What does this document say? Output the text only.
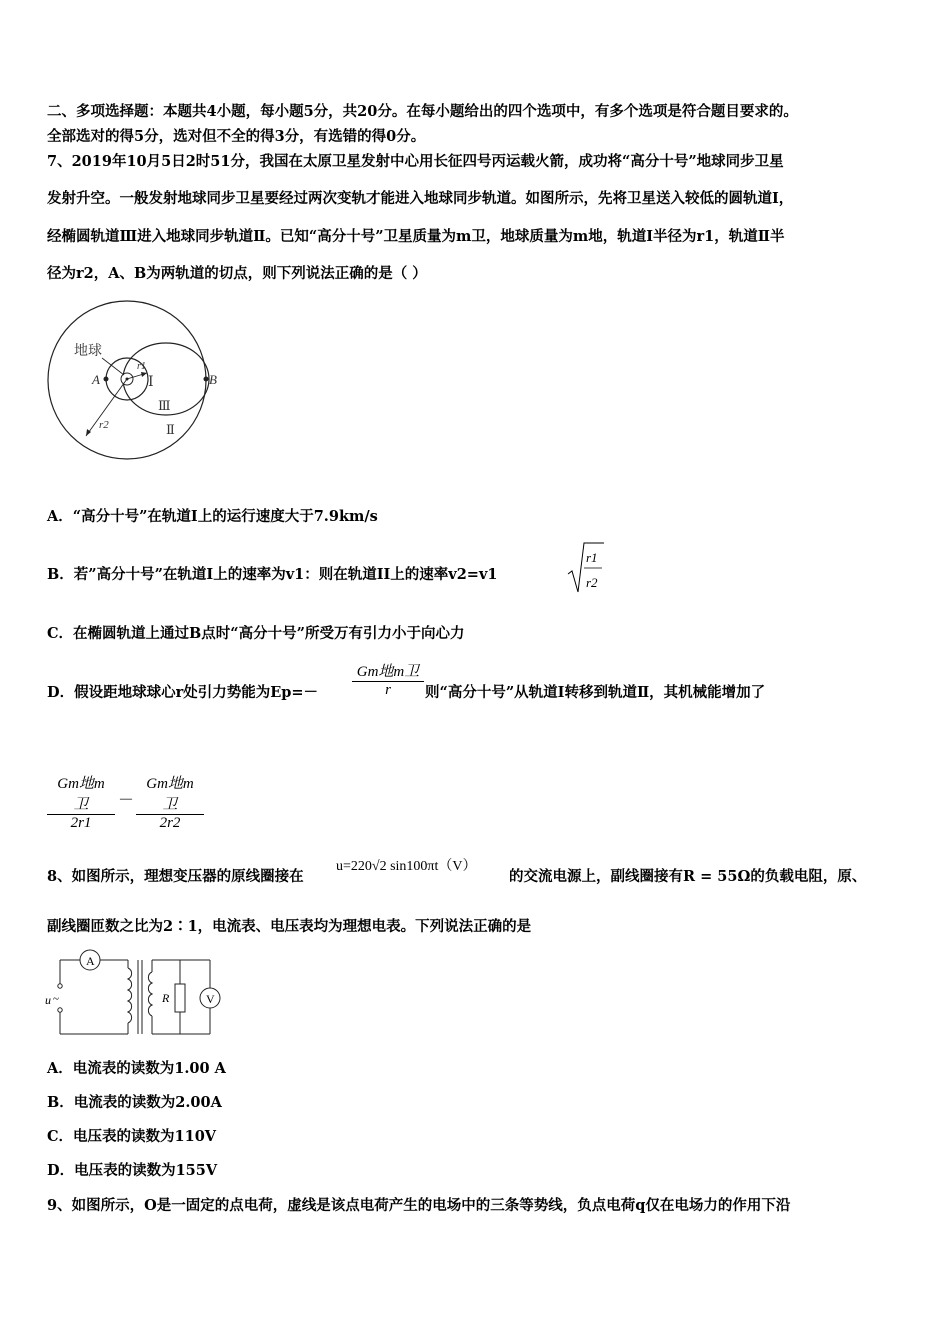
二、多项选择题：本题共4小题，每小题5分，共20分。在每小题给出的四个选项中，有多个选项是符合题目要求的。
全部选对的得5分，选对但不全的得3分，有选错的得0分。
7、2019年10月5日2时51分，我国在太原卫星发射中心用长征四号丙运载火箭，成功将“高分十号”地球同步卫星
发射升空。一般发射地球同步卫星要经过两次变轨才能进入地球同步轨道。如图所示，先将卫星送入较低的圆轨道Ⅰ，
经椭圆轨道Ⅲ进入地球同步轨道Ⅱ。已知“高分十号”卫星质量为m卫，地球质量为m地，轨道Ⅰ半径为r1，轨道Ⅱ半
径为r2，A、B为两轨道的切点，则下列说法正确的是（ ）
地球
r1
r2
A	B
Ⅰ
Ⅲ
Ⅱ
A．“高分十号”在轨道Ⅰ上的运行速度大于7.9km/s
B．若”高分十号”在轨道I上的速率为v1：则在轨道II上的速率v2=v1
r1
r2
C．在椭圆轨道上通过B点时“高分十号”所受万有引力小于向心力
D．假设距地球球心r处引力势能为Ep=－
Gm地m卫
r	则“高分十号”从轨道Ⅰ转移到轨道Ⅱ，其机械能增加了
Gm地m卫
2r1
－
Gm地m卫
2r2
8、如图所示，理想变压器的原线圈接在
u=220√2 sin100πt（V）
的交流电源上，副线圈接有R = 55Ω的负载电阻，原、
副线圈匝数之比为2∶1，电流表、电压表均为理想电表。下列说法正确的是
A
u ~	R	V
A．电流表的读数为1.00 A
B．电流表的读数为2.00A
C．电压表的读数为110V
D．电压表的读数为155V
9、如图所示，O是一固定的点电荷，虚线是该点电荷产生的电场中的三条等势线，负点电荷q仅在电场力的作用下沿
